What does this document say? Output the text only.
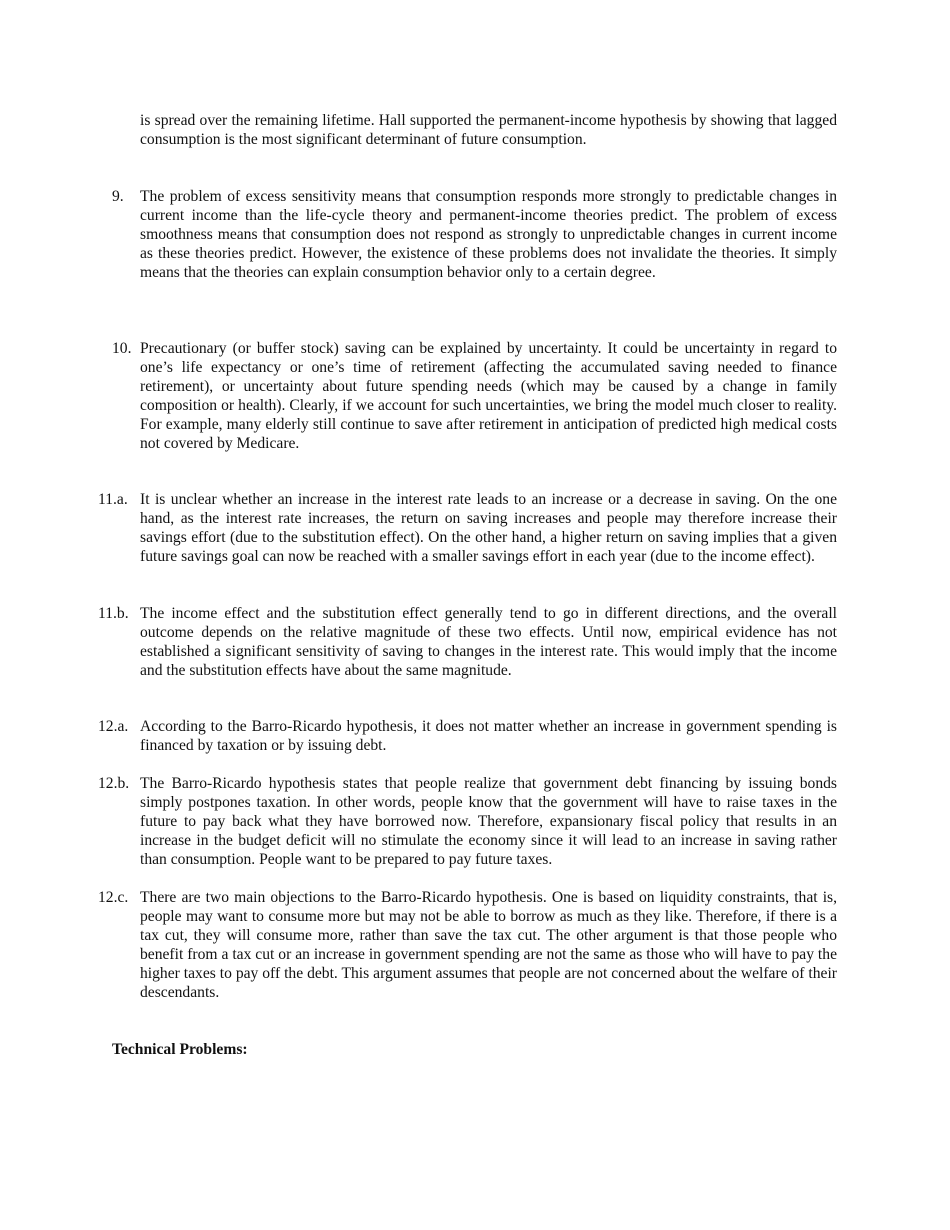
is spread over the remaining lifetime. Hall supported the permanent-income hypothesis by showing that lagged consumption is the most significant determinant of future consumption.

9. The problem of excess sensitivity means that consumption responds more strongly to predictable changes in current income than the life-cycle theory and permanent-income theories predict. The problem of excess smoothness means that consumption does not respond as strongly to unpredictable changes in current income as these theories predict. However, the existence of these problems does not invalidate the theories. It simply means that the theories can explain consumption behavior only to a certain degree.
10. Precautionary (or buffer stock) saving can be explained by uncertainty. It could be uncertainty in regard to one’s life expectancy or one’s time of retirement (affecting the accumulated saving needed to finance retirement), or uncertainty about future spending needs (which may be caused by a change in family composition or health). Clearly, if we account for such uncertainties, we bring the model much closer to reality. For example, many elderly still continue to save after retirement in anticipation of predicted high medical costs not covered by Medicare.
11.a. It is unclear whether an increase in the interest rate leads to an increase or a decrease in saving. On the one hand, as the interest rate increases, the return on saving increases and people may therefore increase their savings effort (due to the substitution effect). On the other hand, a higher return on saving implies that a given future savings goal can now be reached with a smaller savings effort in each year (due to the income effect).
11.b. The income effect and the substitution effect generally tend to go in different directions, and the overall outcome depends on the relative magnitude of these two effects. Until now, empirical evidence has not established a significant sensitivity of saving to changes in the interest rate. This would imply that the income and the substitution effects have about the same magnitude.
12.a. According to the Barro-Ricardo hypothesis, it does not matter whether an increase in government spending is financed by taxation or by issuing debt.
12.b. The Barro-Ricardo hypothesis states that people realize that government debt financing by issuing bonds simply postpones taxation. In other words, people know that the government will have to raise taxes in the future to pay back what they have borrowed now. Therefore, expansionary fiscal policy that results in an increase in the budget deficit will no stimulate the economy since it will lead to an increase in saving rather than consumption. People want to be prepared to pay future taxes.
12.c. There are two main objections to the Barro-Ricardo hypothesis. One is based on liquidity constraints, that is, people may want to consume more but may not be able to borrow as much as they like. Therefore, if there is a tax cut, they will consume more, rather than save the tax cut. The other argument is that those people who benefit from a tax cut or an increase in government spending are not the same as those who will have to pay the higher taxes to pay off the debt. This argument assumes that people are not concerned about the welfare of their descendants.
Technical Problems:
